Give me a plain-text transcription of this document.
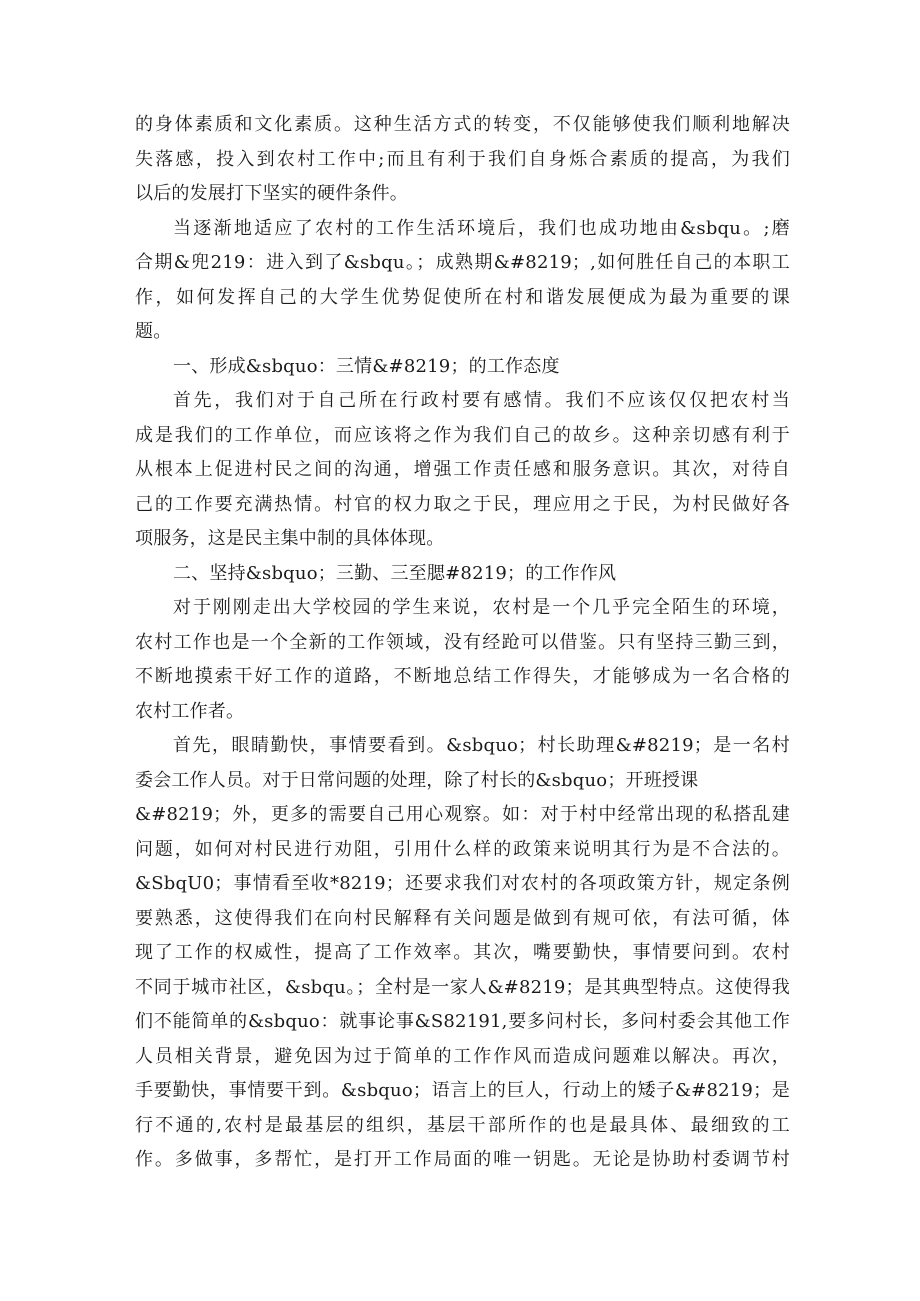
的身体素质和文化素质。这种生活方式的转变，不仅能够使我们顺利地解决
失落感，投入到农村工作中;而且有利于我们自身烁合素质的提高，为我们
以后的发展打下坚实的硬件条件。
当逐渐地适应了农村的工作生活环境后，我们也成功地由&sbqu。;磨
合期&兜219：进入到了&sbqu。；成熟期&#8219；,如何胜任自己的本职工
作，如何发挥自己的大学生优势促使所在村和谐发展便成为最为重要的课
题。
一、形成&sbquo：三情&#8219；的工作态度
首先，我们对于自己所在行政村要有感情。我们不应该仅仅把农村当
成是我们的工作单位，而应该将之作为我们自己的故乡。这种亲切感有利于
从根本上促进村民之间的沟通，增强工作责任感和服务意识。其次，对待自
己的工作要充满热情。村官的权力取之于民，理应用之于民，为村民做好各
项服务，这是民主集中制的具体体现。
二、坚持&sbquo；三勤、三至腮#8219；的工作作风
对于刚刚走出大学校园的学生来说，农村是一个几乎完全陌生的环境，
农村工作也是一个全新的工作领域，没有经跄可以借鉴。只有坚持三勤三到，
不断地摸索干好工作的道路，不断地总结工作得失，才能够成为一名合格的
农村工作者。
首先，眼睛勤快，事情要看到。&sbquo；村长助理&#8219；是一名村
委会工作人员。对于日常问题的处理，除了村长的&sbquo；开班授课
&#8219；外，更多的需要自己用心观察。如：对于村中经常出现的私搭乱建
问题，如何对村民进行劝阻，引用什么样的政策来说明其行为是不合法的。
&SbqU0；事情看至收*8219；还要求我们对农村的各项政策方针，规定条例
要熟悉，这使得我们在向村民解释有关问题是做到有规可依，有法可循，体
现了工作的权威性，提高了工作效率。其次，嘴要勤快，事情要问到。农村
不同于城市社区，&sbqu。；全村是一家人&#8219；是其典型特点。这使得我
们不能简单的&sbquo：就事论事&S82191,要多问村长，多问村委会其他工作
人员相关背景，避免因为过于简单的工作作风而造成问题难以解决。再次，
手要勤快，事情要干到。&sbquo；语言上的巨人，行动上的矮子&#8219；是
行不通的,农村是最基层的组织，基层干部所作的也是最具体、最细致的工
作。多做事，多帮忙，是打开工作局面的唯一钥匙。无论是协助村委调节村
